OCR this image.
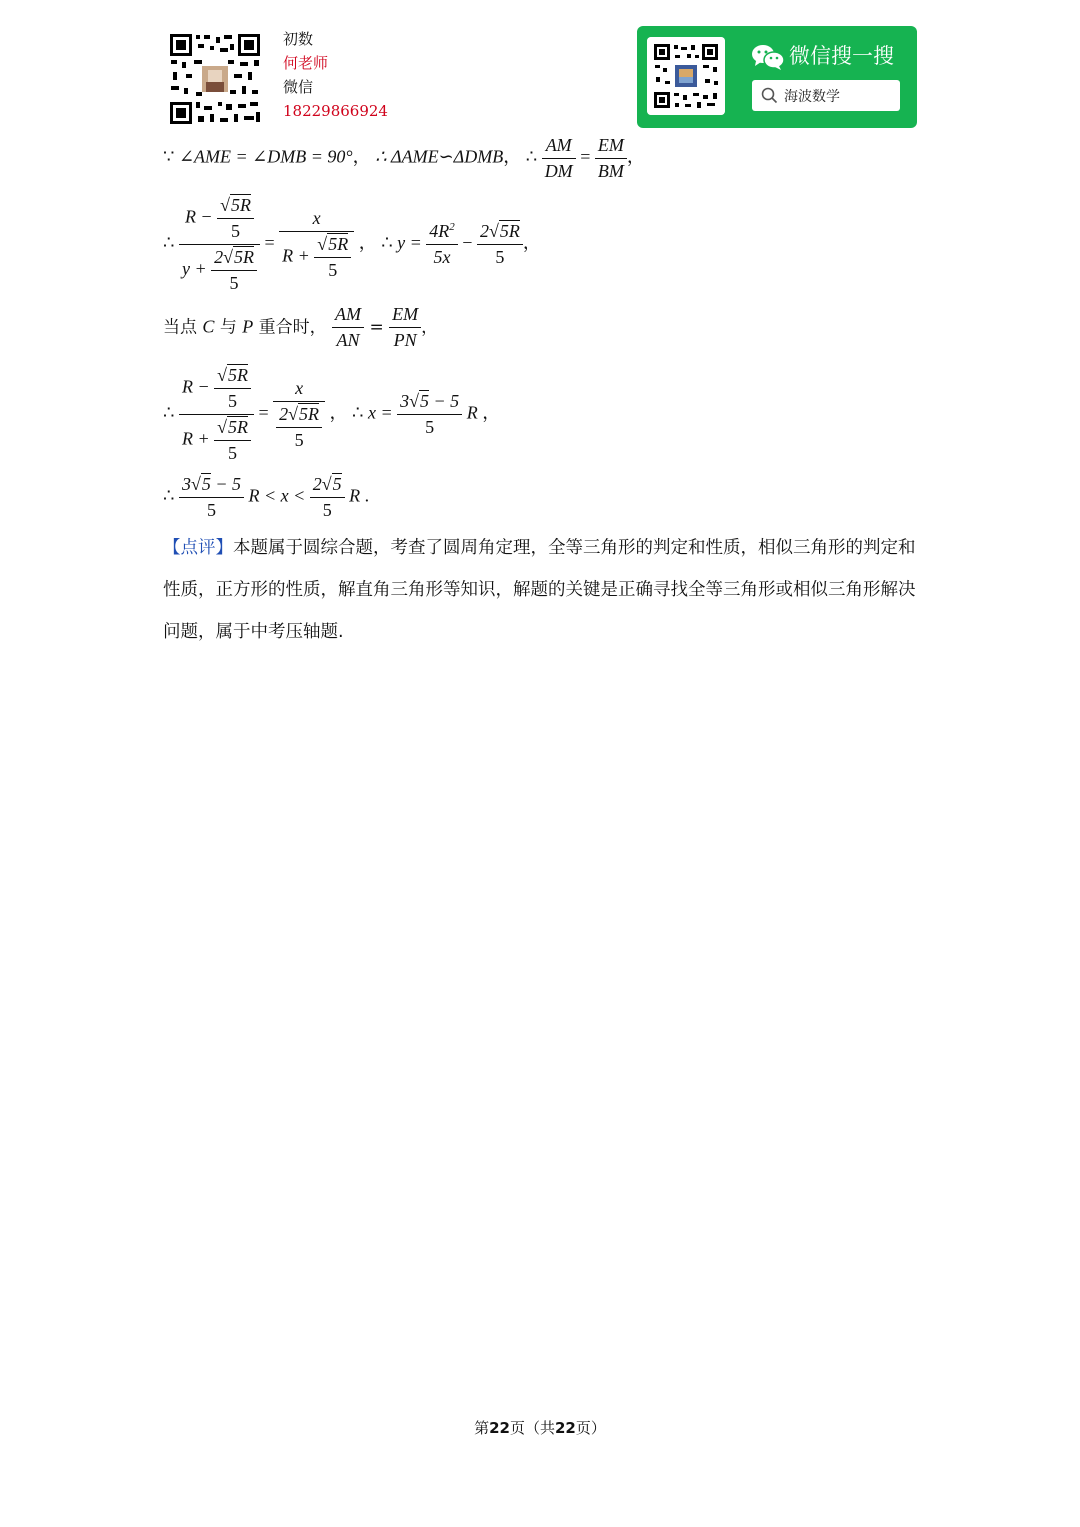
初数
何老师
微信
18229866924
微信搜一搜
海波数学
∵ ∠AME = ∠DMB = 90°， ∴ ΔAME∽ΔDMB， ∴ $\frac{AM}{DM} = \frac{EM}{BM}$ ，
∴ $\frac{R - \frac{√5R}{5}}{y + \frac{2√5R}{5}} = \frac{x}{R + \frac{√5R}{5}}$ ， ∴ $y = \frac{4R^2}{5x} - \frac{2√5R}{5}$ ，
当点 C 与 P 重合时， $\frac{AM}{AN} = \frac{EM}{PN}$ ，
∴ $\frac{R - \frac{√5R}{5}}{R + \frac{√5R}{5}} = \frac{x}{\frac{2√5R}{5}}$ ， ∴ $x = \frac{3√5 - 5}{5}$ R ，
∴ $\frac{3√5 - 5}{5}$ $R < x < \frac{2√5}{5}$ R .
【点评】本题属于圆综合题，考查了圆周角定理，全等三角形的判定和性质，相似三角形的判定和性质，正方形的性质，解直角三角形等知识，解题的关键是正确寻找全等三角形或相似三角形解决问题，属于中考压轴题.
第22页（共22页）
